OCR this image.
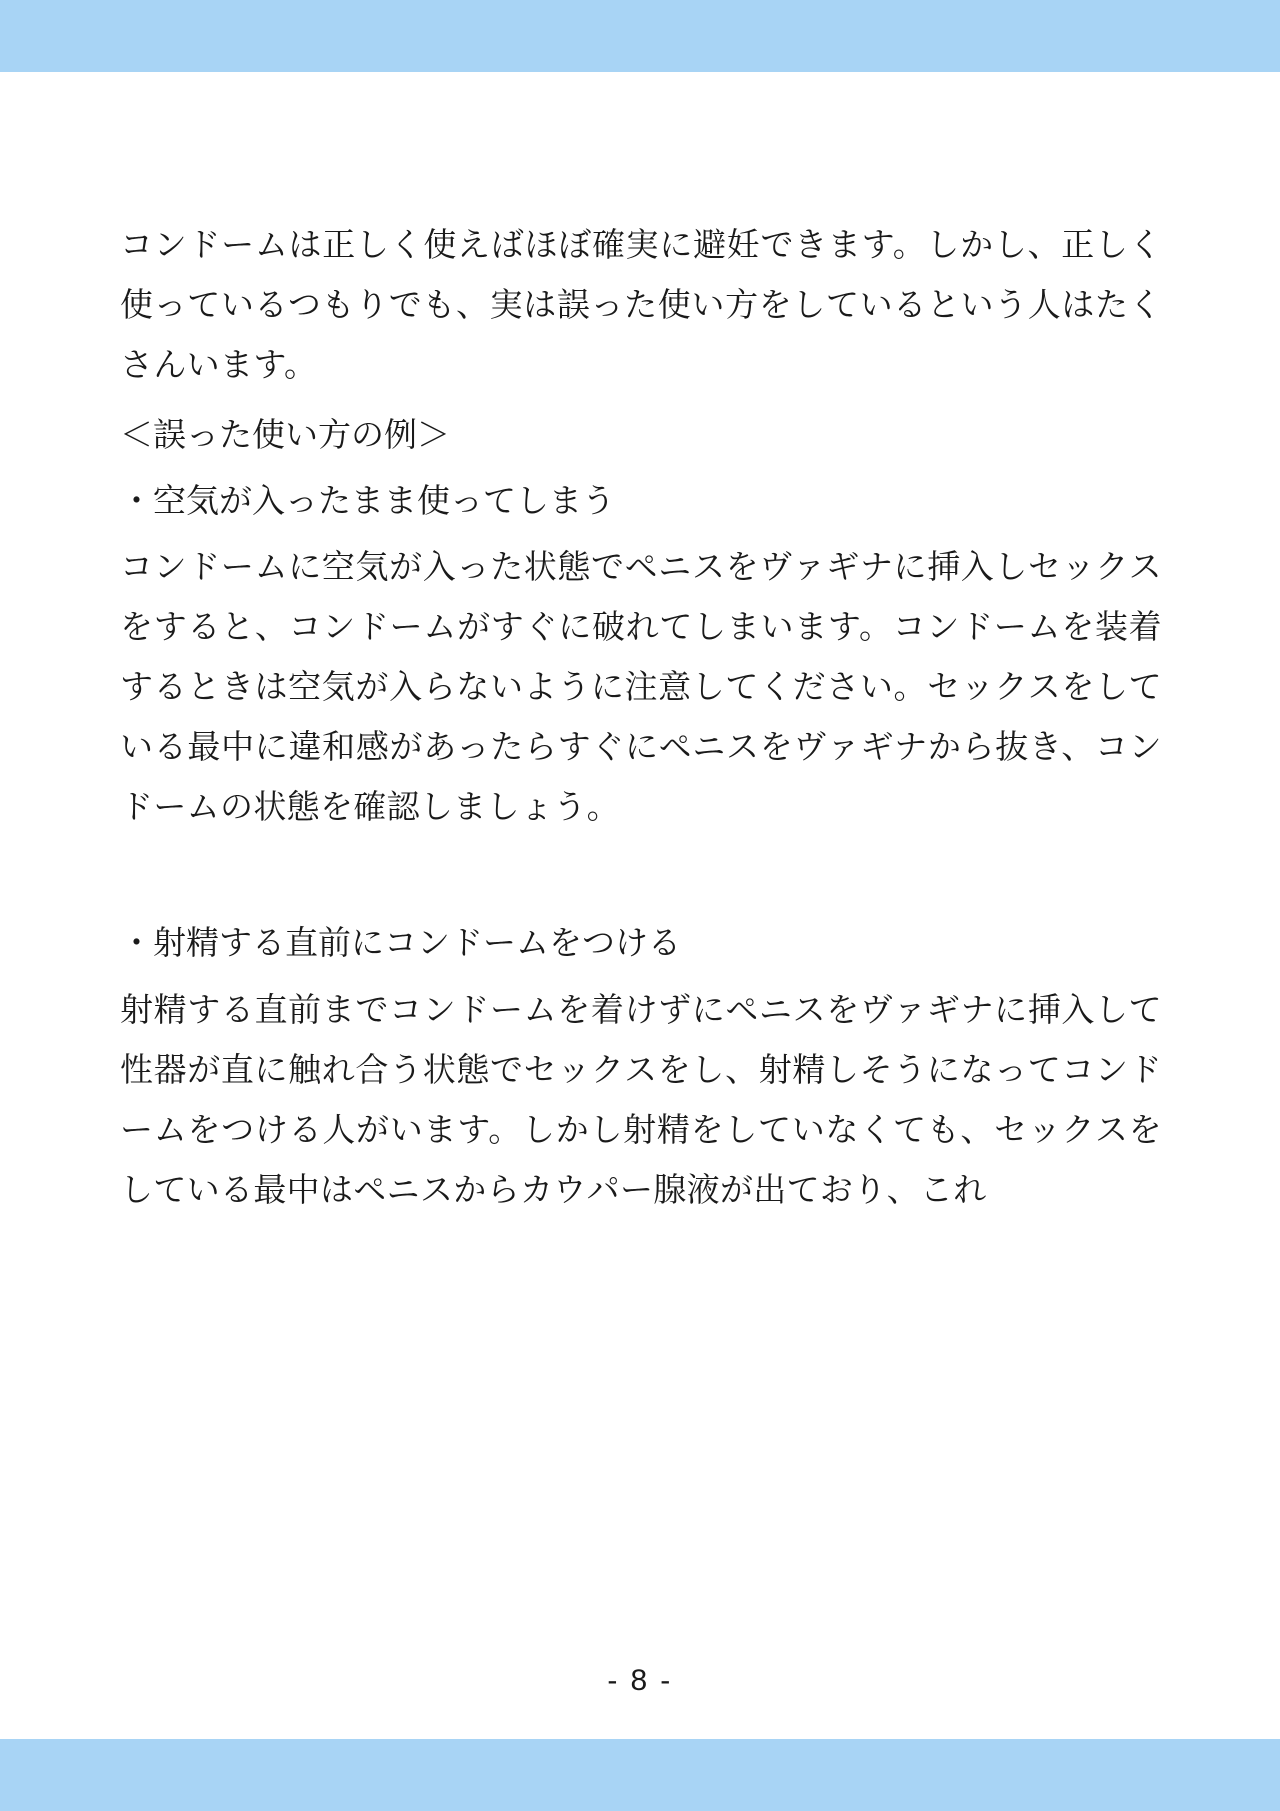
コンドームは正しく使えばほぼ確実に避妊できます。しかし、正しく使っているつもりでも、実は誤った使い方をしているという人はたくさんいます。

＜誤った使い方の例＞

・空気が入ったまま使ってしまう

コンドームに空気が入った状態でペニスをヴァギナに挿入しセックスをすると、コンドームがすぐに破れてしまいます。コンドームを装着するときは空気が入らないように注意してください。セックスをしている最中に違和感があったらすぐにペニスをヴァギナから抜き、コンドームの状態を確認しましょう。

・射精する直前にコンドームをつける

射精する直前までコンドームを着けずにペニスをヴァギナに挿入して性器が直に触れ合う状態でセックスをし、射精しそうになってコンドームをつける人がいます。しかし射精をしていなくても、セックスをしている最中はペニスからカウパー腺液が出ており、これ

- 8 -
